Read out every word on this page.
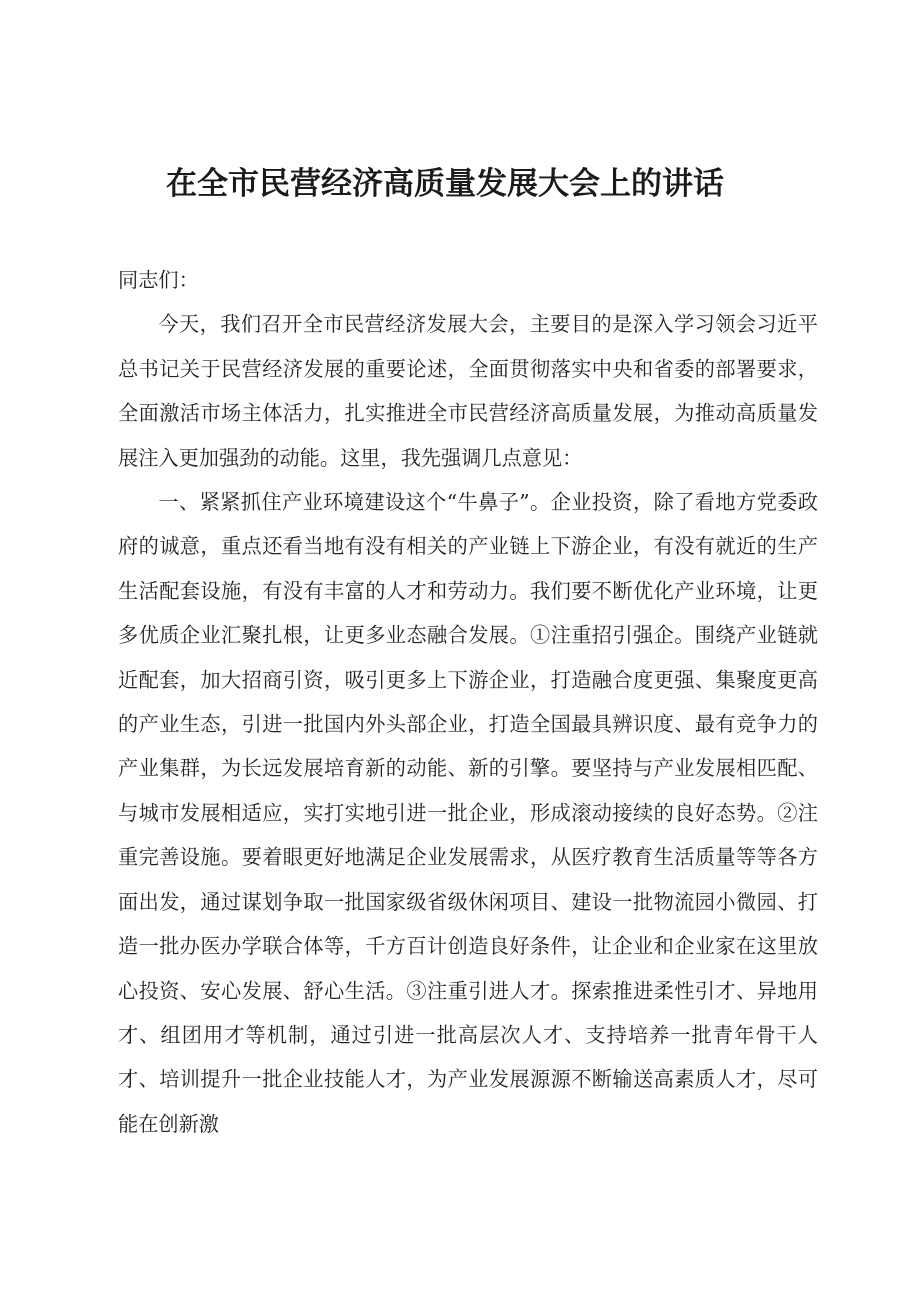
在全市民营经济高质量发展大会上的讲话

同志们：

今天，我们召开全市民营经济发展大会，主要目的是深入学习领会习近平总书记关于民营经济发展的重要论述，全面贯彻落实中央和省委的部署要求，全面激活市场主体活力，扎实推进全市民营经济高质量发展，为推动高质量发展注入更加强劲的动能。这里，我先强调几点意见：

一、紧紧抓住产业环境建设这个“牛鼻子”。企业投资，除了看地方党委政府的诚意，重点还看当地有没有相关的产业链上下游企业，有没有就近的生产生活配套设施，有没有丰富的人才和劳动力。我们要不断优化产业环境，让更多优质企业汇聚扎根，让更多业态融合发展。①注重招引强企。围绕产业链就近配套，加大招商引资，吸引更多上下游企业，打造融合度更强、集聚度更高的产业生态，引进一批国内外头部企业，打造全国最具辨识度、最有竞争力的产业集群，为长远发展培育新的动能、新的引擎。要坚持与产业发展相匹配、与城市发展相适应，实打实地引进一批企业，形成滚动接续的良好态势。②注重完善设施。要着眼更好地满足企业发展需求，从医疗教育生活质量等等各方面出发，通过谋划争取一批国家级省级休闲项目、建设一批物流园小微园、打造一批办医办学联合体等，千方百计创造良好条件，让企业和企业家在这里放心投资、安心发展、舒心生活。③注重引进人才。探索推进柔性引才、异地用才、组团用才等机制，通过引进一批高层次人才、支持培养一批青年骨干人才、培训提升一批企业技能人才，为产业发展源源不断输送高素质人才，尽可能在创新激
